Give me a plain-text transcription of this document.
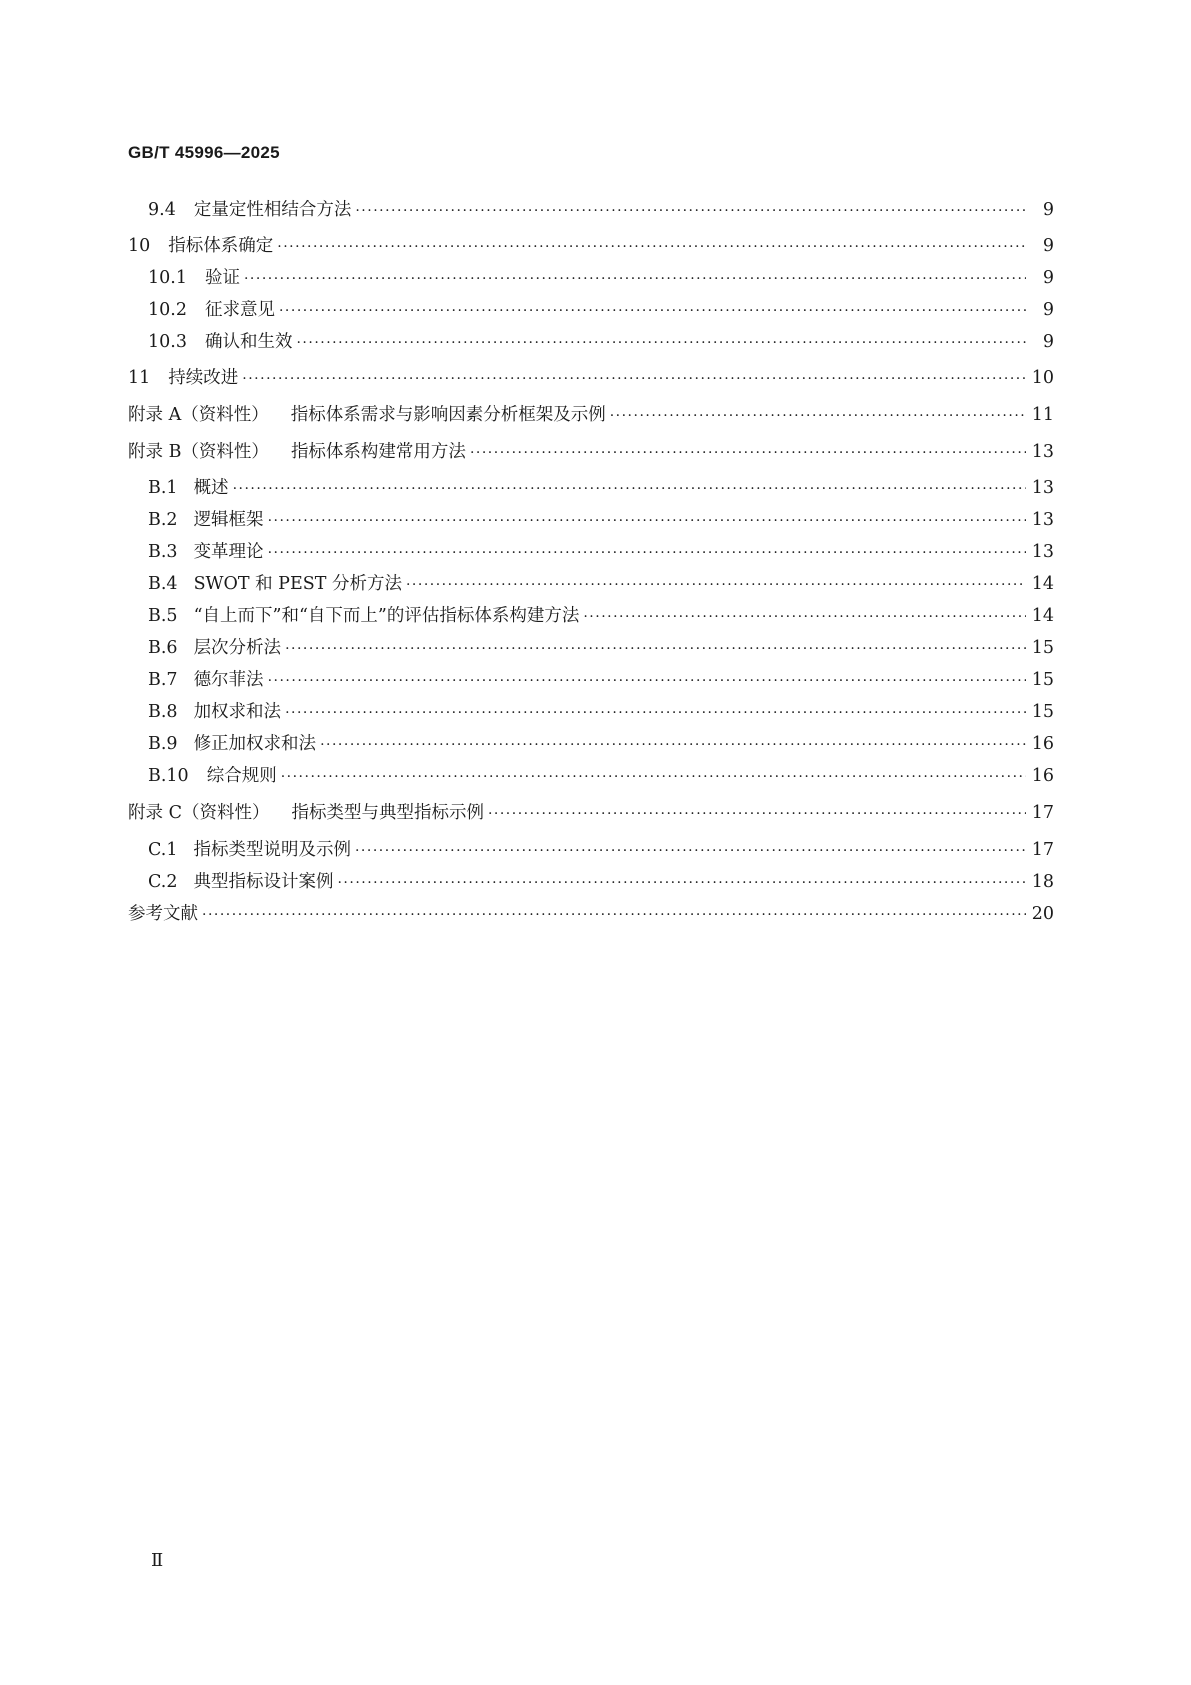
GB/T 45996—2025
9.4 定量定性相结合方法 ·····	9
10 指标体系确定 ·····	9
10.1 验证 ·····	9
10.2 征求意见 ·····	9
10.3 确认和生效 ·····	9
11 持续改进 ·····	10
附录 A（资料性） 指标体系需求与影响因素分析框架及示例 ·····	11
附录 B（资料性） 指标体系构建常用方法 ·····	13
B.1 概述 ·····	13
B.2 逻辑框架 ·····	13
B.3 变革理论 ·····	13
B.4 SWOT 和 PEST 分析方法 ·····	14
B.5 “自上而下”和“自下而上”的评估指标体系构建方法 ·····	14
B.6 层次分析法 ·····	15
B.7 德尔菲法 ·····	15
B.8 加权求和法 ·····	15
B.9 修正加权求和法 ·····	16
B.10 综合规则 ·····	16
附录 C（资料性） 指标类型与典型指标示例 ·····	17
C.1 指标类型说明及示例 ·····	17
C.2 典型指标设计案例 ·····	18
参考文献 ·····	20
Ⅱ
